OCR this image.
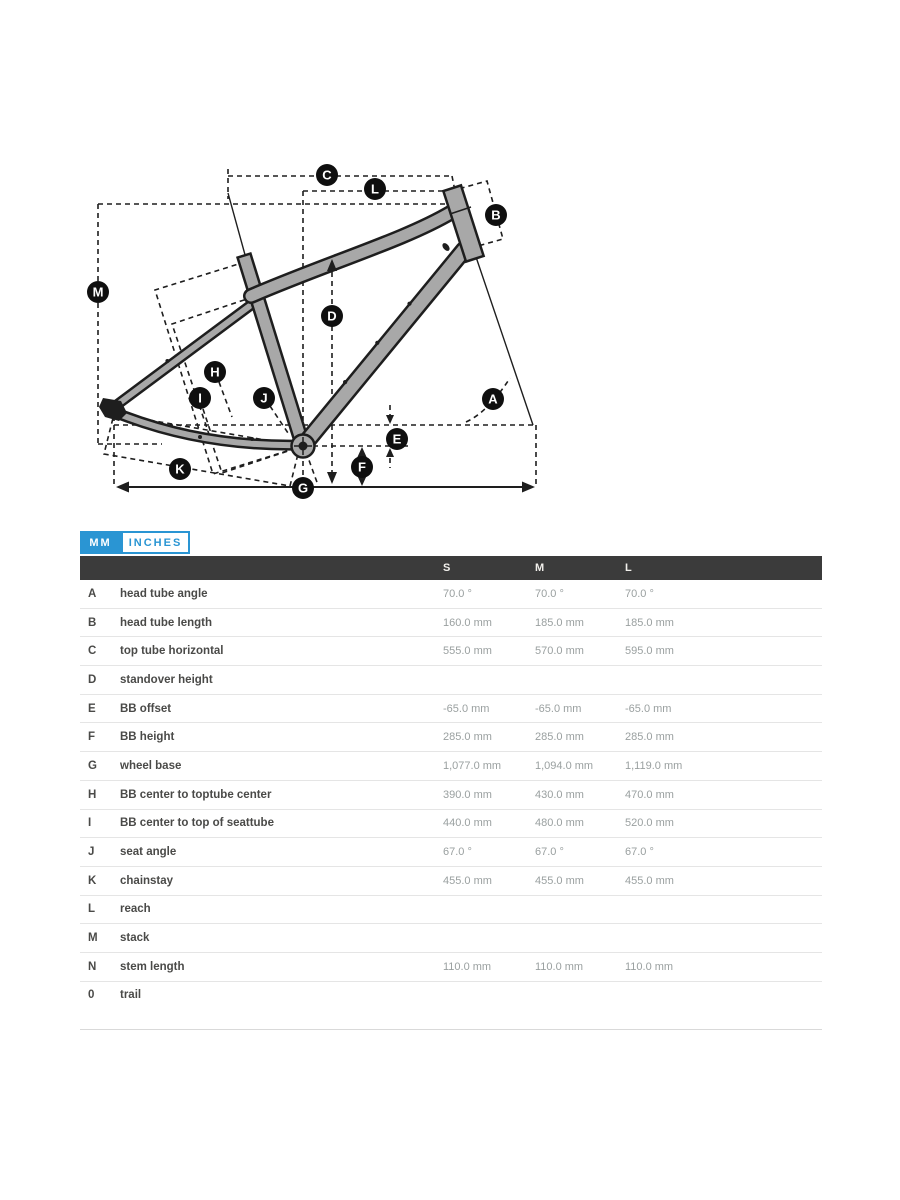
C
L
B
M
D
H
I	J	A
E
F
K
G
MM	INCHES
S	M	L
A	head tube angle	70.0 °	70.0 °	70.0 °
B	head tube length	160.0 mm	185.0 mm	185.0 mm
C	top tube horizontal	555.0 mm	570.0 mm	595.0 mm
D	standover height
E	BB offset	-65.0 mm	-65.0 mm	-65.0 mm
F	BB height	285.0 mm	285.0 mm	285.0 mm
G	wheel base	1,077.0 mm	1,094.0 mm	1,119.0 mm
H	BB center to toptube center	390.0 mm	430.0 mm	470.0 mm
I	BB center to top of seattube	440.0 mm	480.0 mm	520.0 mm
J	seat angle	67.0 °	67.0 °	67.0 °
K	chainstay	455.0 mm	455.0 mm	455.0 mm
L	reach
M	stack
N	stem length	110.0 mm	110.0 mm	110.0 mm
0	trail
